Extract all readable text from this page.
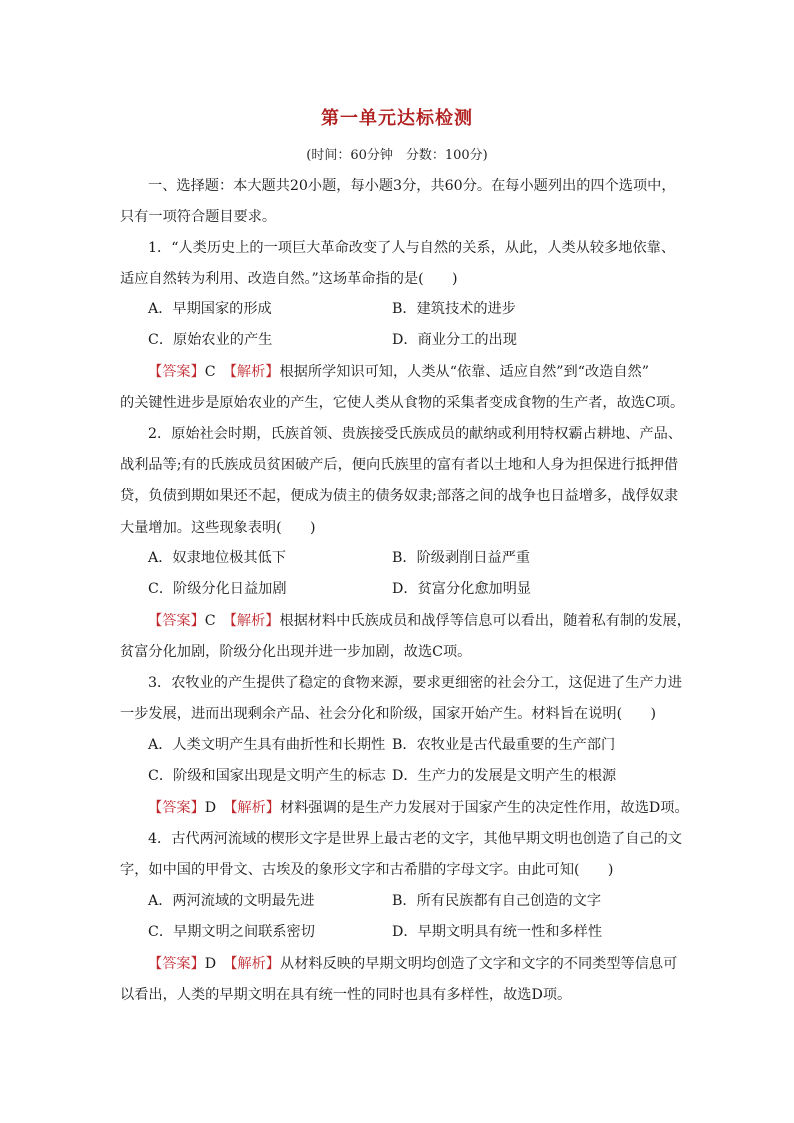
第一单元达标检测
(时间：60分钟　分数：100分)
一、选择题：本大题共20小题，每小题3分，共60分。在每小题列出的四个选项中，
只有一项符合题目要求。
1．“人类历史上的一项巨大革命改变了人与自然的关系，从此，人类从较多地依靠、
适应自然转为利用、改造自然。”这场革命指的是(　　)
A．早期国家的形成	B．建筑技术的进步
C．原始农业的产生	D．商业分工的出现
【答案】C　 【解析】根据所学知识可知，人类从“依靠、适应自然”到“改造自然”
的关键性进步是原始农业的产生，它使人类从食物的采集者变成食物的生产者，故选C项。
2．原始社会时期，氏族首领、贵族接受氏族成员的献纳或利用特权霸占耕地、产品、
战利品等;有的氏族成员贫困破产后，便向氏族里的富有者以土地和人身为担保进行抵押借
贷，负债到期如果还不起，便成为债主的债务奴隶;部落之间的战争也日益增多，战俘奴隶
大量增加。这些现象表明(　　)
A．奴隶地位极其低下	B．阶级剥削日益严重
C．阶级分化日益加剧	D．贫富分化愈加明显
【答案】C　 【解析】根据材料中氏族成员和战俘等信息可以看出，随着私有制的发展，
贫富分化加剧，阶级分化出现并进一步加剧，故选C项。
3．农牧业的产生提供了稳定的食物来源，要求更细密的社会分工，这促进了生产力进
一步发展，进而出现剩余产品、社会分化和阶级，国家开始产生。材料旨在说明(　　)
A．人类文明产生具有曲折性和长期性 B．农牧业是古代最重要的生产部门
C．阶级和国家出现是文明产生的标志 D．生产力的发展是文明产生的根源
【答案】D　 【解析】材料强调的是生产力发展对于国家产生的决定性作用，故选D项。
4．古代两河流域的楔形文字是世界上最古老的文字，其他早期文明也创造了自己的文
字，如中国的甲骨文、古埃及的象形文字和古希腊的字母文字。由此可知(　　)
A．两河流域的文明最先进	B．所有民族都有自己创造的文字
C．早期文明之间联系密切	D．早期文明具有统一性和多样性
【答案】D　 【解析】从材料反映的早期文明均创造了文字和文字的不同类型等信息可
以看出，人类的早期文明在具有统一性的同时也具有多样性，故选D项。
